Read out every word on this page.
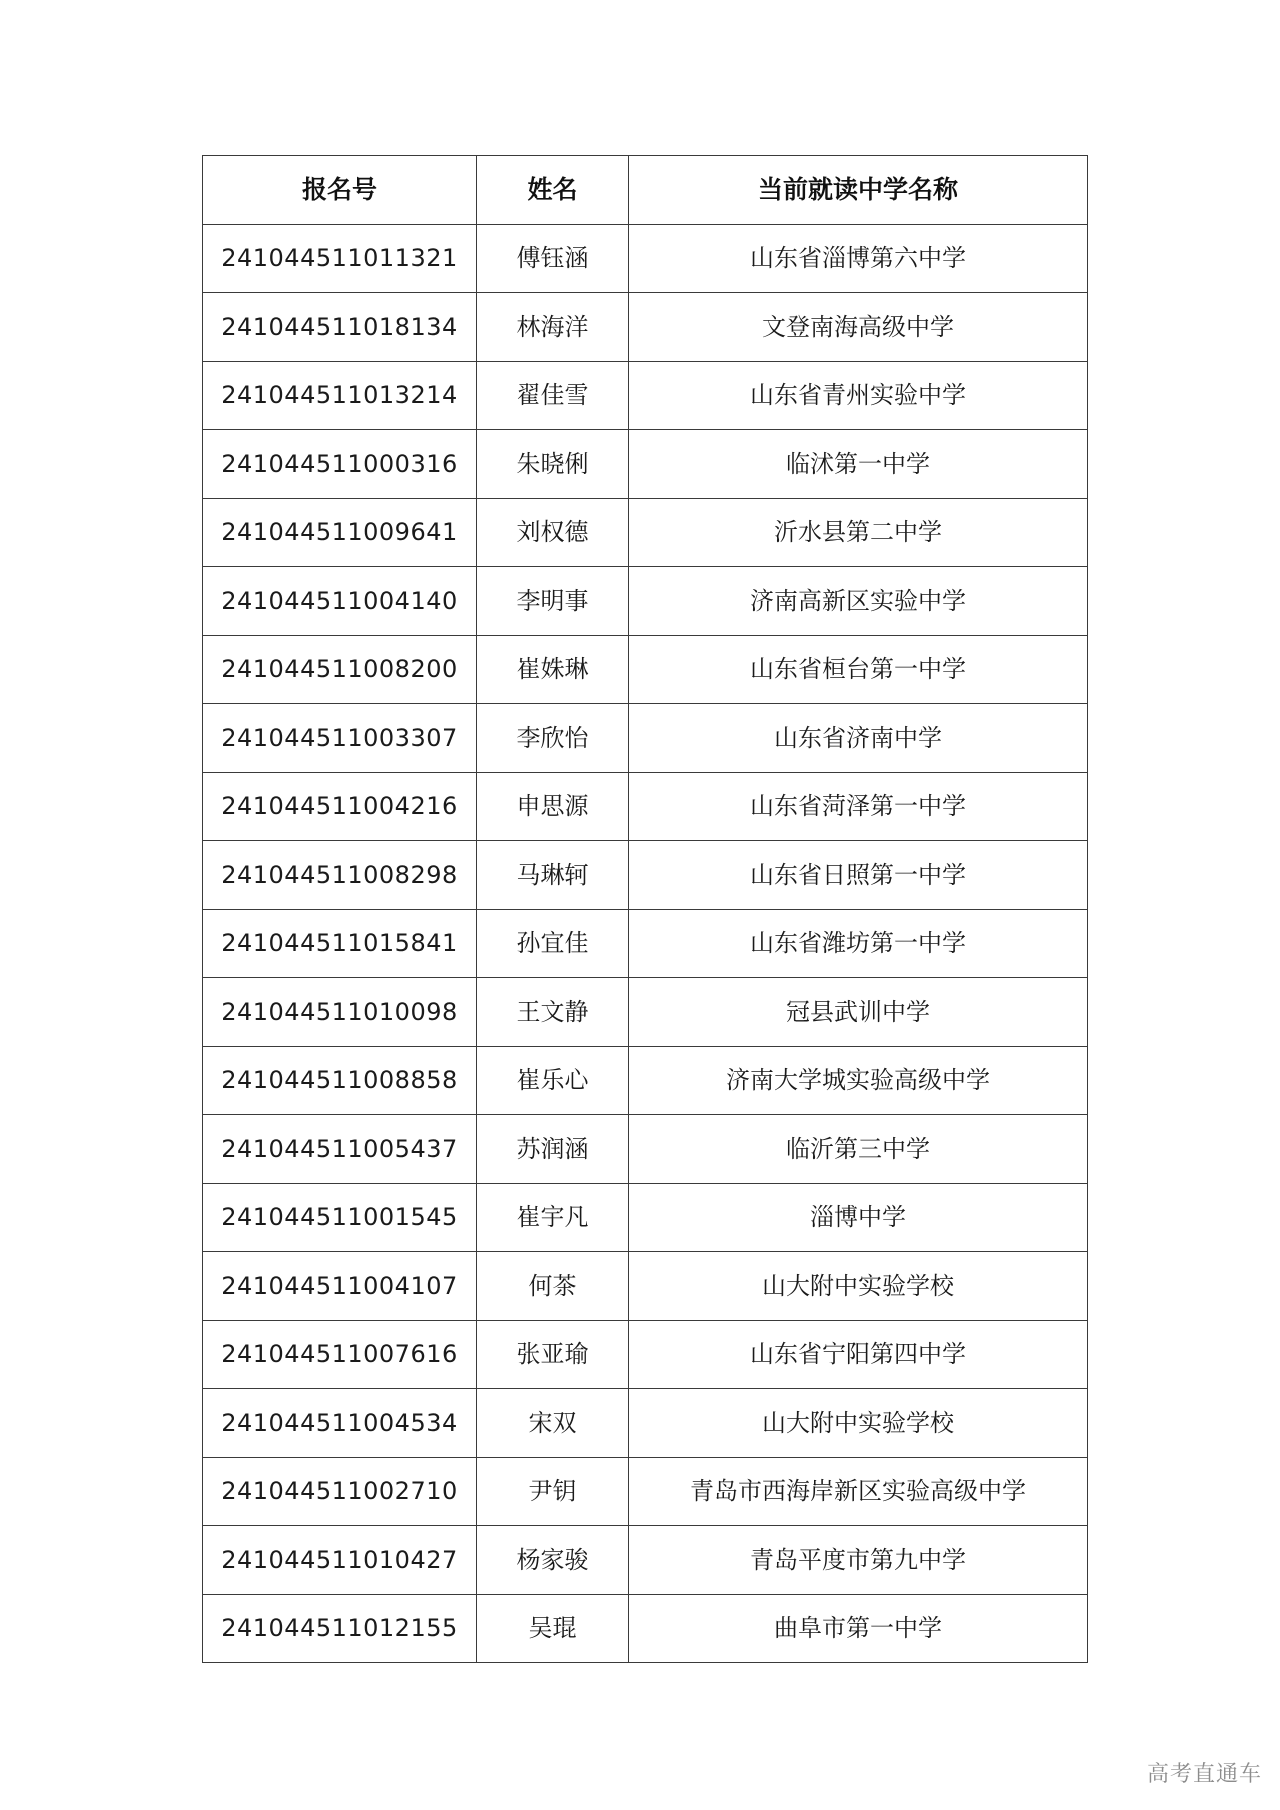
报名号	姓名	当前就读中学名称
241044511011321	傅钰涵	山东省淄博第六中学
241044511018134	林海洋	文登南海高级中学
241044511013214	翟佳雪	山东省青州实验中学
241044511000316	朱晓俐	临沭第一中学
241044511009641	刘权德	沂水县第二中学
241044511004140	李明事	济南高新区实验中学
241044511008200	崔姝琳	山东省桓台第一中学
241044511003307	李欣怡	山东省济南中学
241044511004216	申思源	山东省菏泽第一中学
241044511008298	马琳轲	山东省日照第一中学
241044511015841	孙宜佳	山东省潍坊第一中学
241044511010098	王文静	冠县武训中学
241044511008858	崔乐心	济南大学城实验高级中学
241044511005437	苏润涵	临沂第三中学
241044511001545	崔宇凡	淄博中学
241044511004107	何茶	山大附中实验学校
241044511007616	张亚瑜	山东省宁阳第四中学
241044511004534	宋双	山大附中实验学校
241044511002710	尹钥	青岛市西海岸新区实验高级中学
241044511010427	杨家骏	青岛平度市第九中学
241044511012155	吴琨	曲阜市第一中学
高考直通车
